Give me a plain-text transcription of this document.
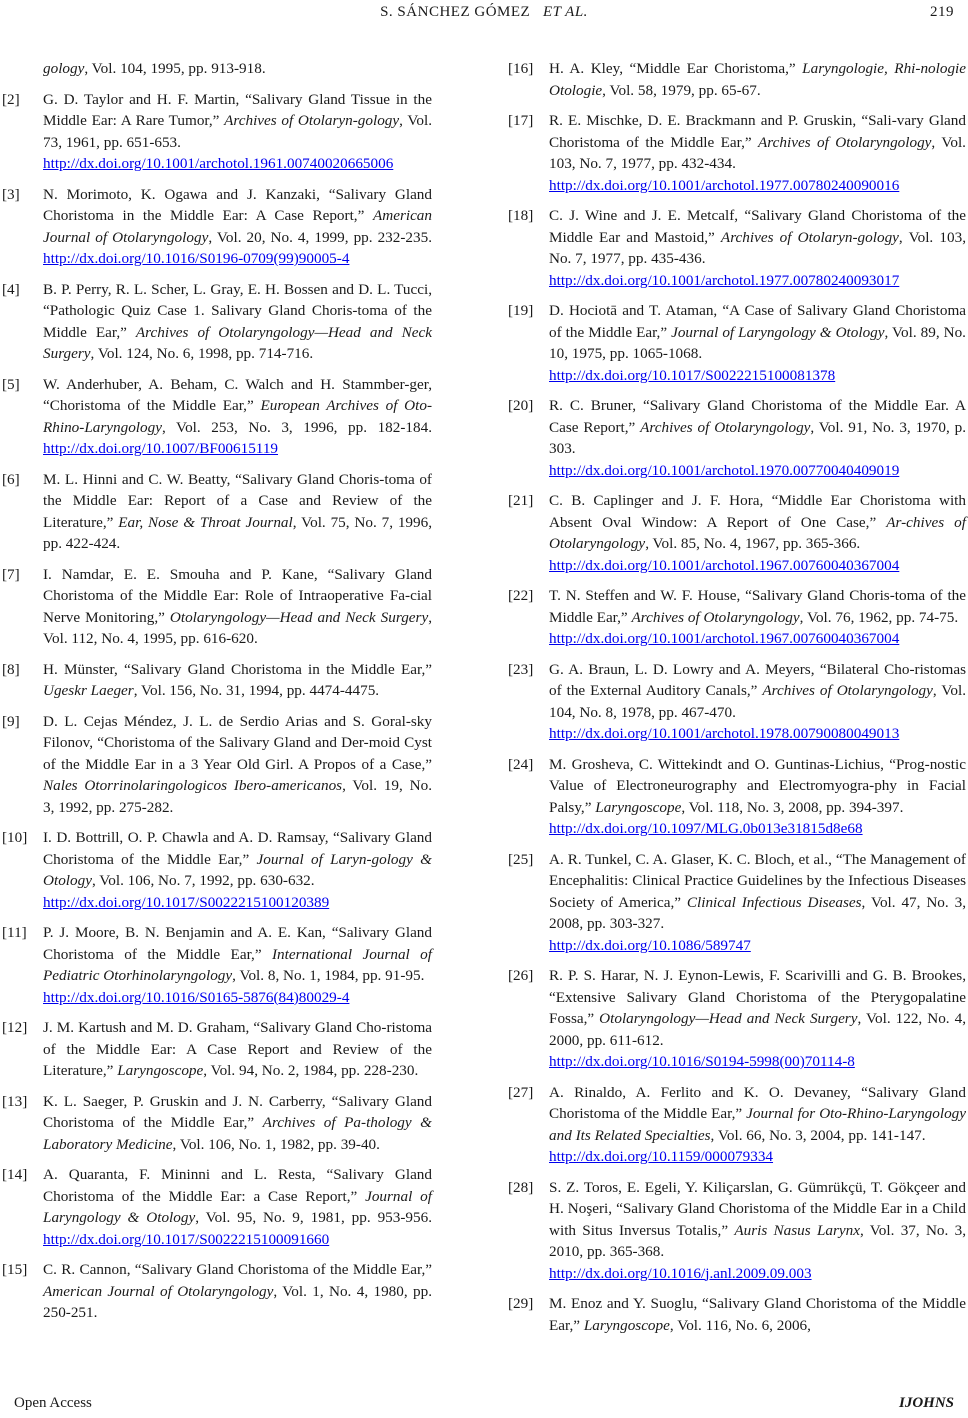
S. SÁNCHEZ GÓMEZ ET AL.	219
gology, Vol. 104, 1995, pp. 913-918.
[2] G. D. Taylor and H. F. Martin, “Salivary Gland Tissue in the Middle Ear: A Rare Tumor,” Archives of Otolaryn-gology, Vol. 73, 1961, pp. 651-653.
http://dx.doi.org/10.1001/archotol.1961.00740020665006
[3] N. Morimoto, K. Ogawa and J. Kanzaki, “Salivary Gland Choristoma in the Middle Ear: A Case Report,” American Journal of Otolaryngology, Vol. 20, No. 4, 1999, pp. 232-235. http://dx.doi.org/10.1016/S0196-0709(99)90005-4
[4] B. P. Perry, R. L. Scher, L. Gray, E. H. Bossen and D. L. Tucci, “Pathologic Quiz Case 1. Salivary Gland Choris-toma of the Middle Ear,” Archives of Otolaryngology—Head and Neck Surgery, Vol. 124, No. 6, 1998, pp. 714-716.
[5] W. Anderhuber, A. Beham, C. Walch and H. Stammber-ger, “Choristoma of the Middle Ear,” European Archives of Oto-Rhino-Laryngology, Vol. 253, No. 3, 1996, pp. 182-184. http://dx.doi.org/10.1007/BF00615119
[6] M. L. Hinni and C. W. Beatty, “Salivary Gland Choris-toma of the Middle Ear: Report of a Case and Review of the Literature,” Ear, Nose & Throat Journal, Vol. 75, No. 7, 1996, pp. 422-424.
[7] I. Namdar, E. E. Smouha and P. Kane, “Salivary Gland Choristoma of the Middle Ear: Role of Intraoperative Fa-cial Nerve Monitoring,” Otolaryngology—Head and Neck Surgery, Vol. 112, No. 4, 1995, pp. 616-620.
[8] H. Münster, “Salivary Gland Choristoma in the Middle Ear,” Ugeskr Laeger, Vol. 156, No. 31, 1994, pp. 4474-4475.
[9] D. L. Cejas Méndez, J. L. de Serdio Arias and S. Goral-sky Filonov, “Choristoma of the Salivary Gland and Der-moid Cyst of the Middle Ear in a 3 Year Old Girl. A Propos of a Case,” Nales Otorrinolaringologicos Ibero-americanos, Vol. 19, No. 3, 1992, pp. 275-282.
[10] I. D. Bottrill, O. P. Chawla and A. D. Ramsay, “Salivary Gland Choristoma of the Middle Ear,” Journal of Laryn-gology & Otology, Vol. 106, No. 7, 1992, pp. 630-632.
http://dx.doi.org/10.1017/S0022215100120389
[11] P. J. Moore, B. N. Benjamin and A. E. Kan, “Salivary Gland Choristoma of the Middle Ear,” International Journal of Pediatric Otorhinolaryngology, Vol. 8, No. 1, 1984, pp. 91-95.
http://dx.doi.org/10.1016/S0165-5876(84)80029-4
[12] J. M. Kartush and M. D. Graham, “Salivary Gland Cho-ristoma of the Middle Ear: A Case Report and Review of the Literature,” Laryngoscope, Vol. 94, No. 2, 1984, pp. 228-230.
[13] K. L. Saeger, P. Gruskin and J. N. Carberry, “Salivary Gland Choristoma of the Middle Ear,” Archives of Pa-thology & Laboratory Medicine, Vol. 106, No. 1, 1982, pp. 39-40.
[14] A. Quaranta, F. Mininni and L. Resta, “Salivary Gland Choristoma of the Middle Ear: a Case Report,” Journal of Laryngology & Otology, Vol. 95, No. 9, 1981, pp. 953-956. http://dx.doi.org/10.1017/S0022215100091660
[15] C. R. Cannon, “Salivary Gland Choristoma of the Middle Ear,” American Journal of Otolaryngology, Vol. 1, No. 4, 1980, pp. 250-251.
[16] H. A. Kley, “Middle Ear Choristoma,” Laryngologie, Rhi-nologie Otologie, Vol. 58, 1979, pp. 65-67.
[17] R. E. Mischke, D. E. Brackmann and P. Gruskin, “Sali-vary Gland Choristoma of the Middle Ear,” Archives of Otolaryngology, Vol. 103, No. 7, 1977, pp. 432-434.
http://dx.doi.org/10.1001/archotol.1977.00780240090016
[18] C. J. Wine and J. E. Metcalf, “Salivary Gland Choristoma of the Middle Ear and Mastoid,” Archives of Otolaryn-gology, Vol. 103, No. 7, 1977, pp. 435-436.
http://dx.doi.org/10.1001/archotol.1977.00780240093017
[19] D. Hociotā and T. Ataman, “A Case of Salivary Gland Choristoma of the Middle Ear,” Journal of Laryngology & Otology, Vol. 89, No. 10, 1975, pp. 1065-1068.
http://dx.doi.org/10.1017/S0022215100081378
[20] R. C. Bruner, “Salivary Gland Choristoma of the Middle Ear. A Case Report,” Archives of Otolaryngology, Vol. 91, No. 3, 1970, p. 303.
http://dx.doi.org/10.1001/archotol.1970.00770040409019
[21] C. B. Caplinger and J. F. Hora, “Middle Ear Choristoma with Absent Oval Window: A Report of One Case,” Ar-chives of Otolaryngology, Vol. 85, No. 4, 1967, pp. 365-366.
http://dx.doi.org/10.1001/archotol.1967.00760040367004
[22] T. N. Steffen and W. F. House, “Salivary Gland Choris-toma of the Middle Ear,” Archives of Otolaryngology, Vol. 76, 1962, pp. 74-75.
http://dx.doi.org/10.1001/archotol.1967.00760040367004
[23] G. A. Braun, L. D. Lowry and A. Meyers, “Bilateral Cho-ristomas of the External Auditory Canals,” Archives of Otolaryngology, Vol. 104, No. 8, 1978, pp. 467-470.
http://dx.doi.org/10.1001/archotol.1978.00790080049013
[24] M. Grosheva, C. Wittekindt and O. Guntinas-Lichius, “Prog-nostic Value of Electroneurography and Electromyogra-phy in Facial Palsy,” Laryngoscope, Vol. 118, No. 3, 2008, pp. 394-397.
http://dx.doi.org/10.1097/MLG.0b013e31815d8e68
[25] A. R. Tunkel, C. A. Glaser, K. C. Bloch, et al., “The Management of Encephalitis: Clinical Practice Guidelines by the Infectious Diseases Society of America,” Clinical Infectious Diseases, Vol. 47, No. 3, 2008, pp. 303-327.
http://dx.doi.org/10.1086/589747
[26] R. P. S. Harar, N. J. Eynon-Lewis, F. Scarivilli and G. B. Brookes, “Extensive Salivary Gland Choristoma of the Pterygopalatine Fossa,” Otolaryngology—Head and Neck Surgery, Vol. 122, No. 4, 2000, pp. 611-612.
http://dx.doi.org/10.1016/S0194-5998(00)70114-8
[27] A. Rinaldo, A. Ferlito and K. O. Devaney, “Salivary Gland Choristoma of the Middle Ear,” Journal for Oto-Rhino-Laryngology and Its Related Specialties, Vol. 66, No. 3, 2004, pp. 141-147.
http://dx.doi.org/10.1159/000079334
[28] S. Z. Toros, E. Egeli, Y. Kiliçarslan, G. Gümrükçü, T. Gökçeer and H. Noşeri, “Salivary Gland Choristoma of the Middle Ear in a Child with Situs Inversus Totalis,” Auris Nasus Larynx, Vol. 37, No. 3, 2010, pp. 365-368.
http://dx.doi.org/10.1016/j.anl.2009.09.003
[29] M. Enoz and Y. Suoglu, “Salivary Gland Choristoma of the Middle Ear,” Laryngoscope, Vol. 116, No. 6, 2006,
Open Access	IJOHNS
